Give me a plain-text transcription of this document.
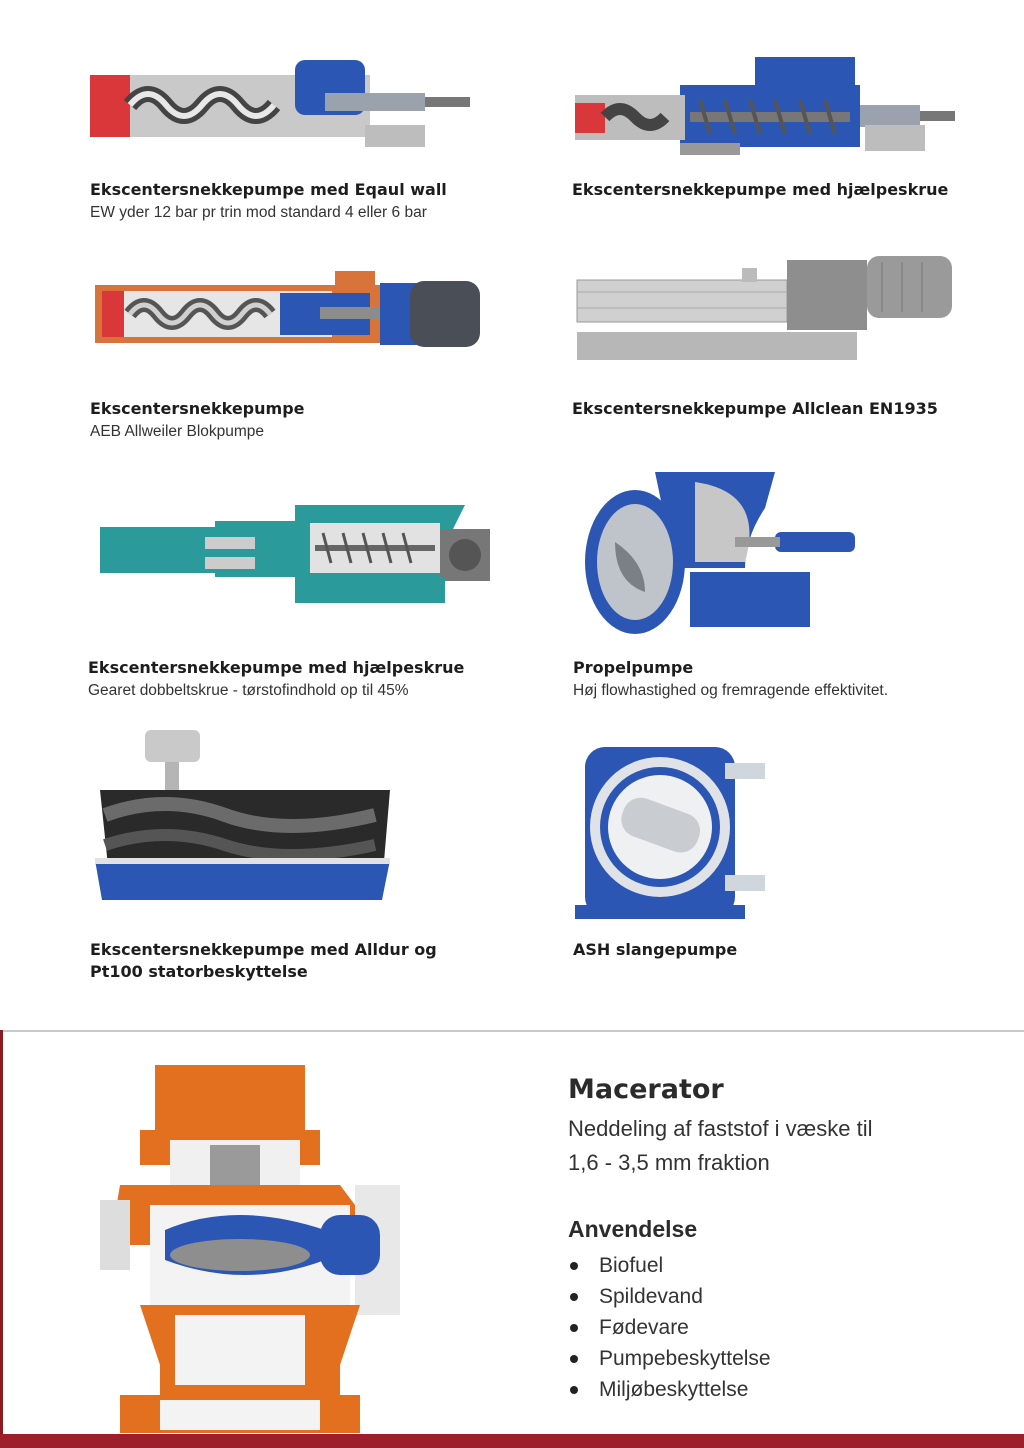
Ekscentersnekkepumpe med Eqaul wall
EW yder 12 bar pr trin mod standard 4 eller 6 bar
Ekscentersnekkepumpe med hjælpeskrue
Ekscentersnekkepumpe
AEB Allweiler Blokpumpe
Ekscentersnekkepumpe Allclean EN1935
Ekscentersnekkepumpe med hjælpeskrue
Gearet dobbeltskrue - tørstofindhold op til 45%
Propelpumpe
Høj flowhastighed og fremragende effektivitet.
Ekscentersnekkepumpe med Alldur og
Pt100 statorbeskyttelse
ASH slangepumpe
Macerator
Neddeling af faststof i væske til
1,6 - 3,5 mm fraktion
Anvendelse
Biofuel
Spildevand
Fødevare
Pumpebeskyttelse
Miljøbeskyttelse
